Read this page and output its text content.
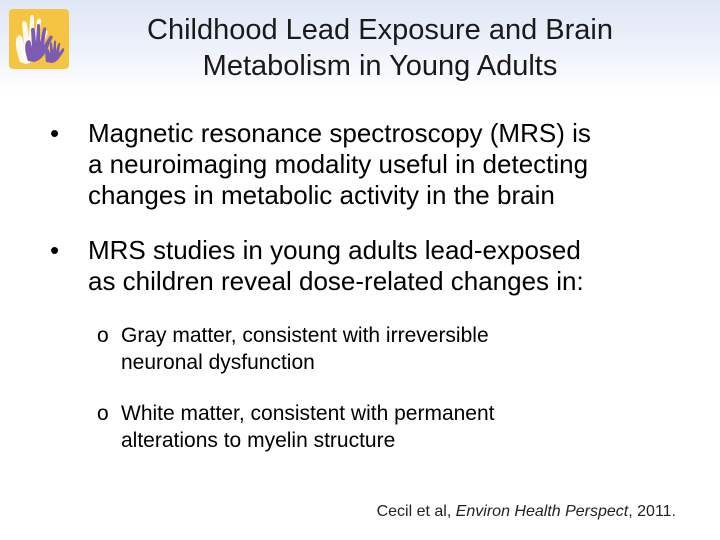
Childhood Lead Exposure and Brain
Metabolism in Young Adults
• Magnetic resonance spectroscopy (MRS) is
a neuroimaging modality useful in detecting
changes in metabolic activity in the brain
• MRS studies in young adults lead-exposed
as children reveal dose-related changes in:
o Gray matter, consistent with irreversible
neuronal dysfunction
o White matter, consistent with permanent
alterations to myelin structure
Cecil et al, Environ Health Perspect, 2011.
